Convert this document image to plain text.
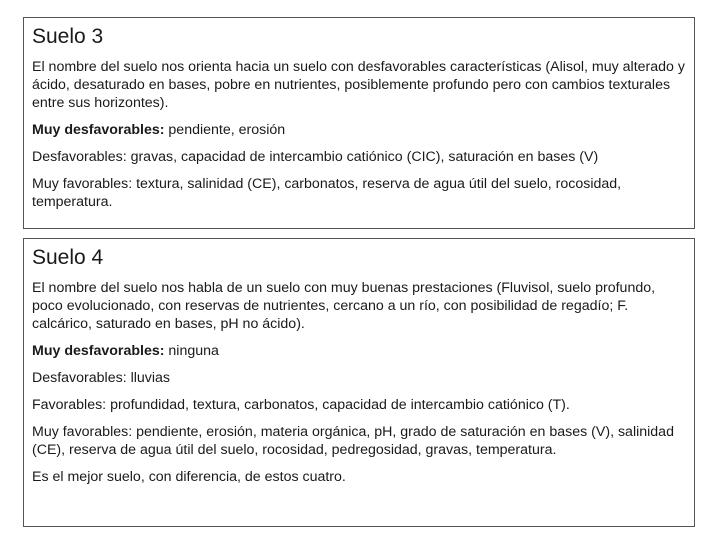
Suelo 3

El nombre del suelo nos orienta hacia un suelo con desfavorables características (Alisol, muy alterado y ácido, desaturado en bases, pobre en nutrientes, posiblemente profundo pero con cambios texturales entre sus horizontes).

Muy desfavorables: pendiente, erosión

Desfavorables: gravas, capacidad de intercambio catiónico (CIC), saturación en bases (V)

Muy favorables: textura, salinidad (CE), carbonatos, reserva de agua útil del suelo, rocosidad, temperatura.

Suelo 4

El nombre del suelo nos habla de un suelo con muy buenas prestaciones (Fluvisol, suelo profundo, poco evolucionado, con reservas de nutrientes, cercano a un río, con posibilidad de regadío; F. calcárico, saturado en bases, pH no ácido).

Muy desfavorables: ninguna

Desfavorables: lluvias

Favorables: profundidad, textura, carbonatos, capacidad de intercambio catiónico (T).

Muy favorables: pendiente, erosión, materia orgánica, pH, grado de saturación en bases (V), salinidad (CE), reserva de agua útil del suelo, rocosidad, pedregosidad, gravas, temperatura.

Es el mejor suelo, con diferencia, de estos cuatro.
